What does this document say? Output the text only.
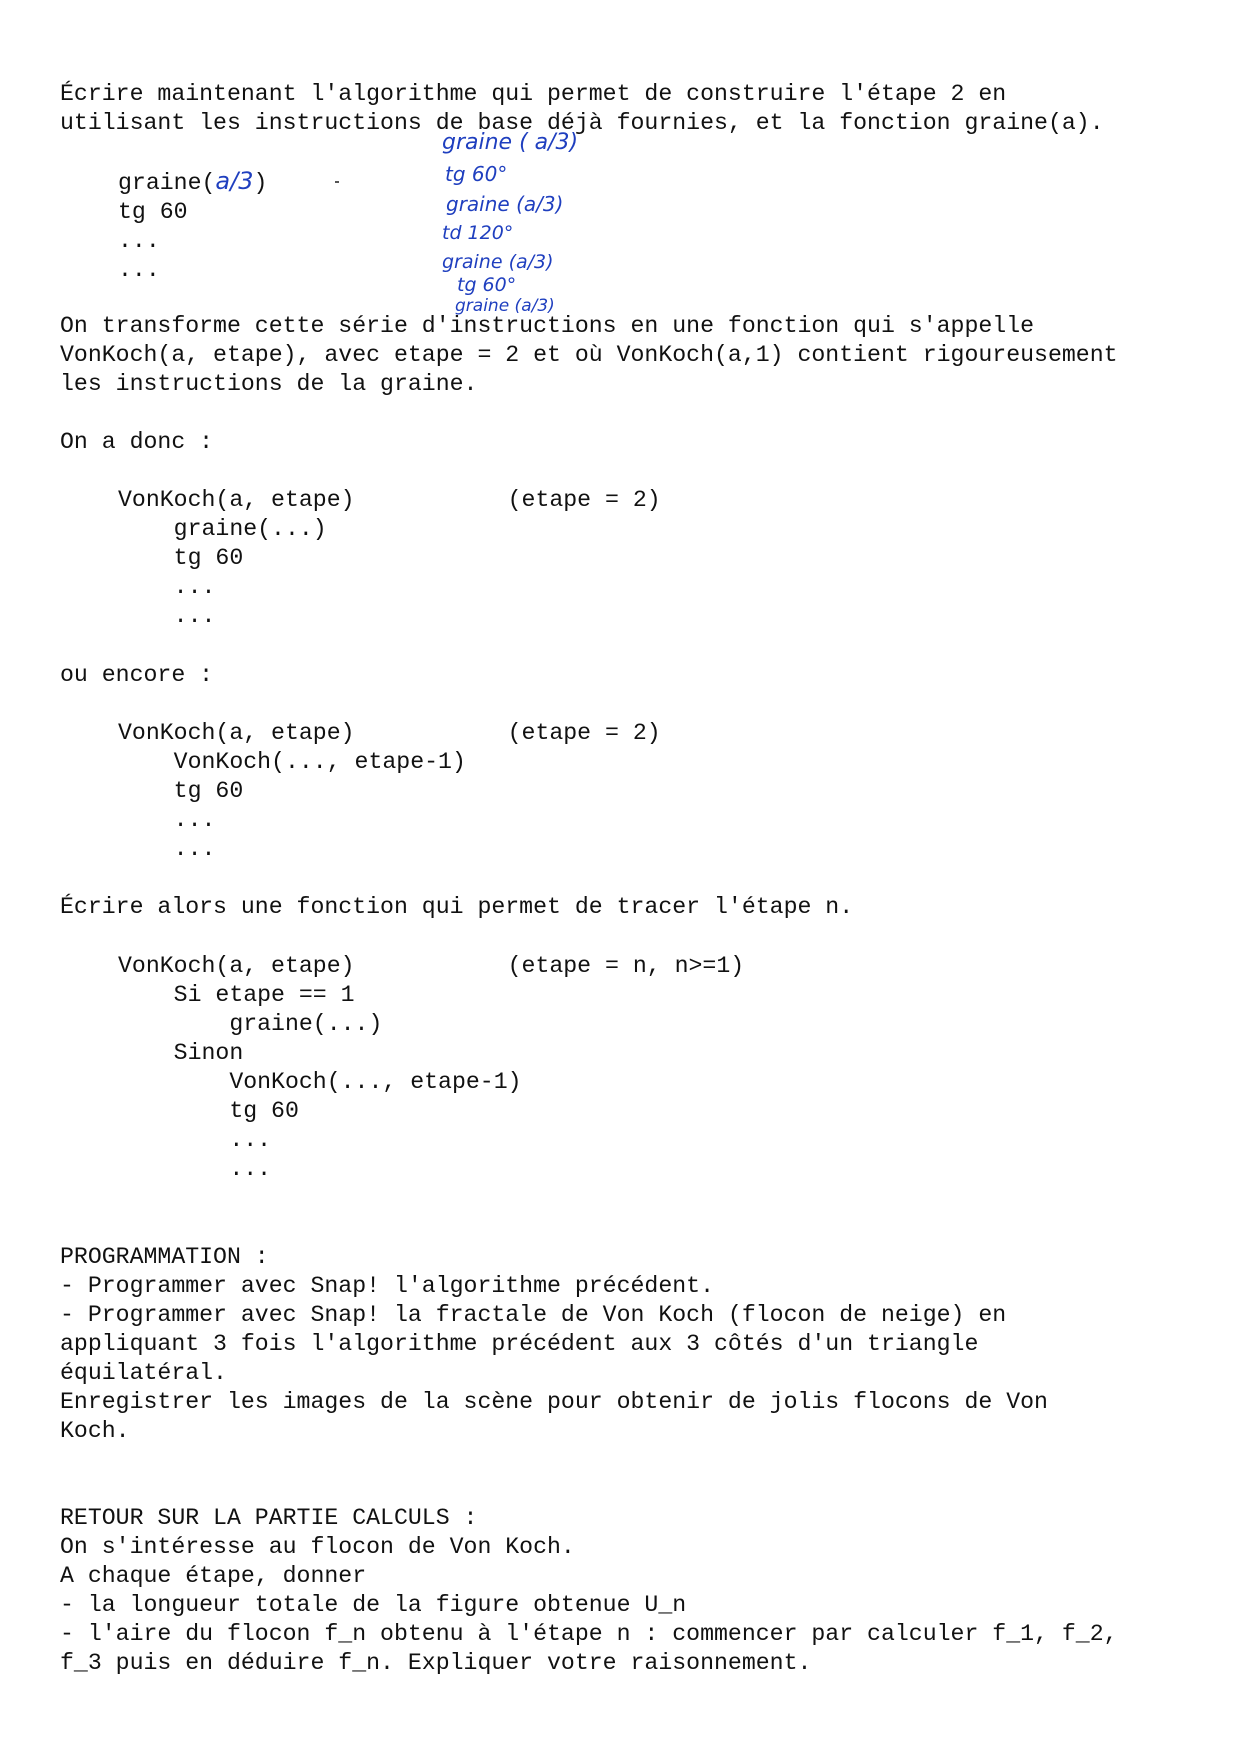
Écrire maintenant l'algorithme qui permet de construire l'étape 2 en
utilisant les instructions de base déjà fournies, et la fonction graine(a).
graine(a/3)
tg 60
...
...
graine ( a/3)
tg 60°
graine (a/3)
td 120°
graine (a/3)
tg 60°
graine (a/3)
On transforme cette série d'instructions en une fonction qui s'appelle
VonKoch(a, etape), avec etape = 2 et où VonKoch(a,1) contient rigoureusement
les instructions de la graine.
On a donc :
VonKoch(a, etape)           (etape = 2)
graine(...)
tg 60
...
...
ou encore :
VonKoch(a, etape)           (etape = 2)
VonKoch(..., etape-1)
tg 60
...
...
Écrire alors une fonction qui permet de tracer l'étape n.
VonKoch(a, etape)           (etape = n, n>=1)
Si etape == 1
graine(...)
Sinon
VonKoch(..., etape-1)
tg 60
...
...
PROGRAMMATION :
- Programmer avec Snap! l'algorithme précédent.
- Programmer avec Snap! la fractale de Von Koch (flocon de neige) en
appliquant 3 fois l'algorithme précédent aux 3 côtés d'un triangle
équilatéral.
Enregistrer les images de la scène pour obtenir de jolis flocons de Von
Koch.
RETOUR SUR LA PARTIE CALCULS :
On s'intéresse au flocon de Von Koch.
A chaque étape, donner
- la longueur totale de la figure obtenue U_n
- l'aire du flocon f_n obtenu à l'étape n : commencer par calculer f_1, f_2,
f_3 puis en déduire f_n. Expliquer votre raisonnement.
